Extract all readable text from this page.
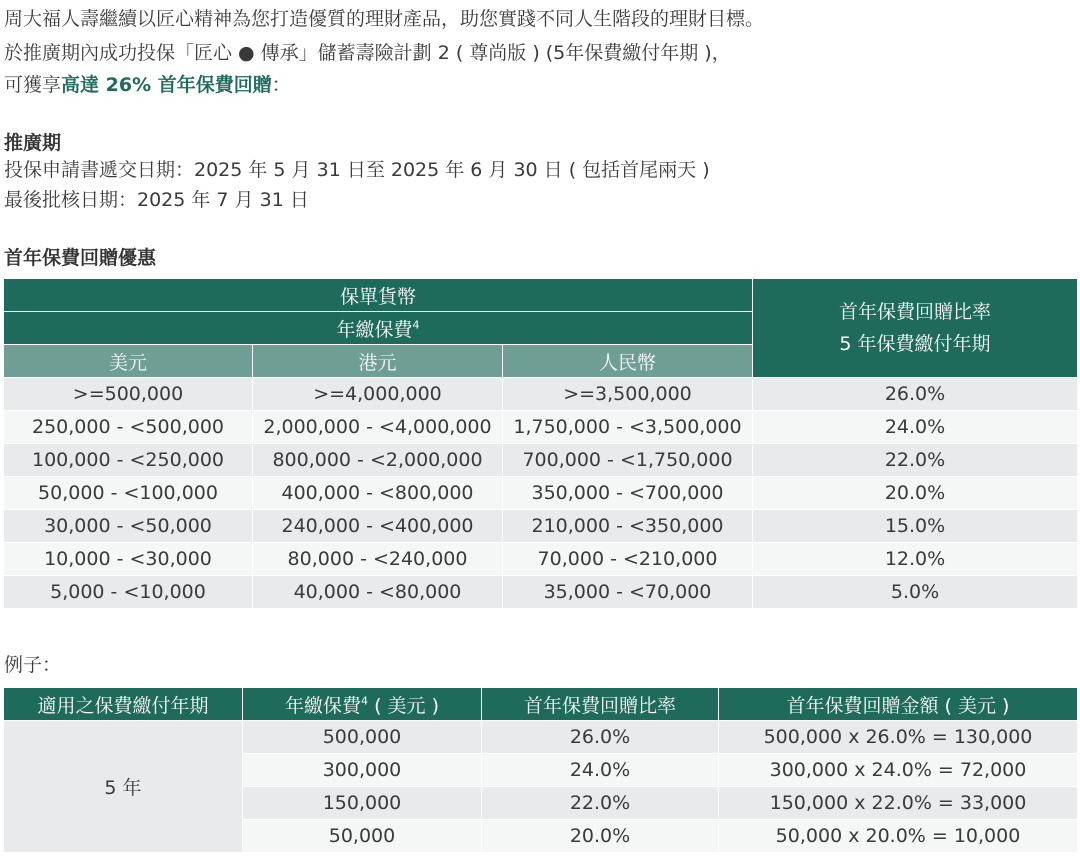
周大福人壽繼續以匠心精神為您打造優質的理財產品，助您實踐不同人生階段的理財目標。
於推廣期內成功投保「匠心 ● 傳承」儲蓄壽險計劃 2 ( 尊尚版 ) (5年保費繳付年期 )，
可獲享高達 26% 首年保費回贈：
推廣期
投保申請書遞交日期：2025 年 5 月 31 日至 2025 年 6 月 30 日 ( 包括首尾兩天 )
最後批核日期：2025 年 7 月 31 日
首年保費回贈優惠
保單貨幣			首年保費回贈比率
5 年保費繳付年期

年繳保費$^4$
美元	港元	人民幣	
>=500,000	>=4,000,000	>=3,500,000	26.0%
250,000 - <500,000	2,000,000 - <4,000,000	1,750,000 - <3,500,000	24.0%
100,000 - <250,000	800,000 - <2,000,000	700,000 - <1,750,000	22.0%
50,000 - <100,000	400,000 - <800,000	350,000 - <700,000	20.0%
30,000 - <50,000	240,000 - <400,000	210,000 - <350,000	15.0%
10,000 - <30,000	80,000 - <240,000	70,000 - <210,000	12.0%
5,000 - <10,000	40,000 - <80,000	35,000 - <70,000	5.0%
例子：
適用之保費繳付年期	年繳保費$^4$ ( 美元 )	首年保費回贈比率	首年保費回贈金額 ( 美元 )
5 年	500,000	26.0%	500,000 x 26.0% = 130,000
	300,000	24.0%	300,000 x 24.0% = 72,000
	150,000	22.0%	150,000 x 22.0% = 33,000
	50,000	20.0%	50,000 x 20.0% = 10,000
